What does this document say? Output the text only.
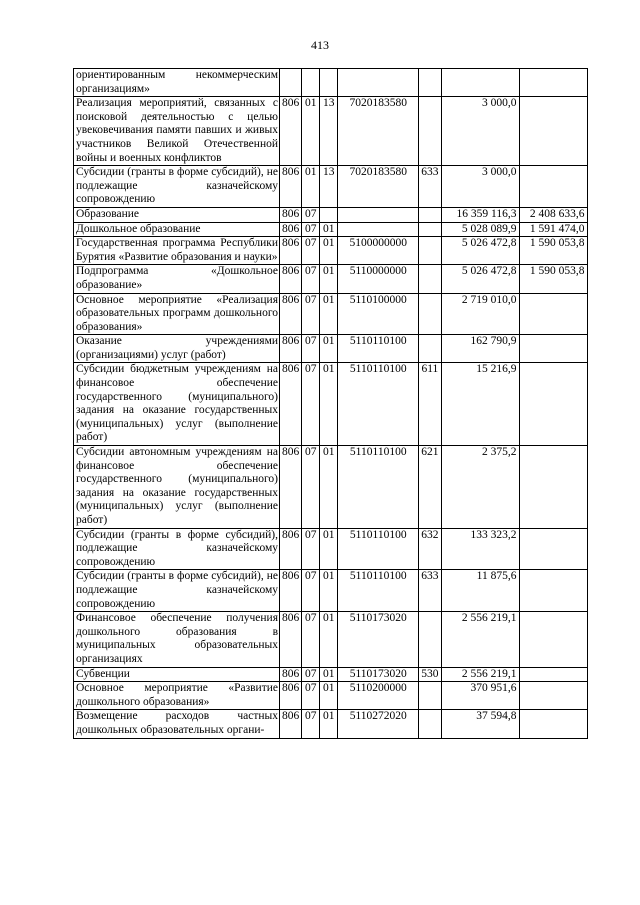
413
ориентированным некоммерческим организациям»							
Реализация мероприятий, связанных с поисковой деятельностью с целью увековечивания памяти павших и живых участников Великой Отечественной войны и военных конфликтов	806	01	13	7020183580		3 000,0	
Субсидии (гранты в форме субсидий), не подлежащие казначейскому сопровождению	806	01	13	7020183580	633	3 000,0	
Образование	806	07				16 359 116,3	2 408 633,6
Дошкольное образование	806	07	01			5 028 089,9	1 591 474,0
Государственная программа Республики Бурятия «Развитие образования и науки»	806	07	01	5100000000		5 026 472,8	1 590 053,8
Подпрограмма «Дошкольное образование»	806	07	01	5110000000		5 026 472,8	1 590 053,8
Основное мероприятие «Реализация образовательных программ дошкольного образования»	806	07	01	5110100000		2 719 010,0	
Оказание учреждениями (организациями) услуг (работ)	806	07	01	5110110100		162 790,9	
Субсидии бюджетным учреждениям на финансовое обеспечение государственного (муниципального) задания на оказание государственных (муниципальных) услуг (выполнение работ)	806	07	01	5110110100	611	15 216,9	
Субсидии автономным учреждениям на финансовое обеспечение государственного (муниципального) задания на оказание государственных (муниципальных) услуг (выполнение работ)	806	07	01	5110110100	621	2 375,2	
Субсидии (гранты в форме субсидий), подлежащие казначейскому сопровождению	806	07	01	5110110100	632	133 323,2	
Субсидии (гранты в форме субсидий), не подлежащие казначейскому сопровождению	806	07	01	5110110100	633	11 875,6	
Финансовое обеспечение получения дошкольного образования в муниципальных образовательных организациях	806	07	01	5110173020		2 556 219,1	
Субвенции	806	07	01	5110173020	530	2 556 219,1	
Основное мероприятие «Развитие дошкольного образования»	806	07	01	5110200000		370 951,6	
Возмещение расходов частных дошкольных образовательных органи-	806	07	01	5110272020		37 594,8	
